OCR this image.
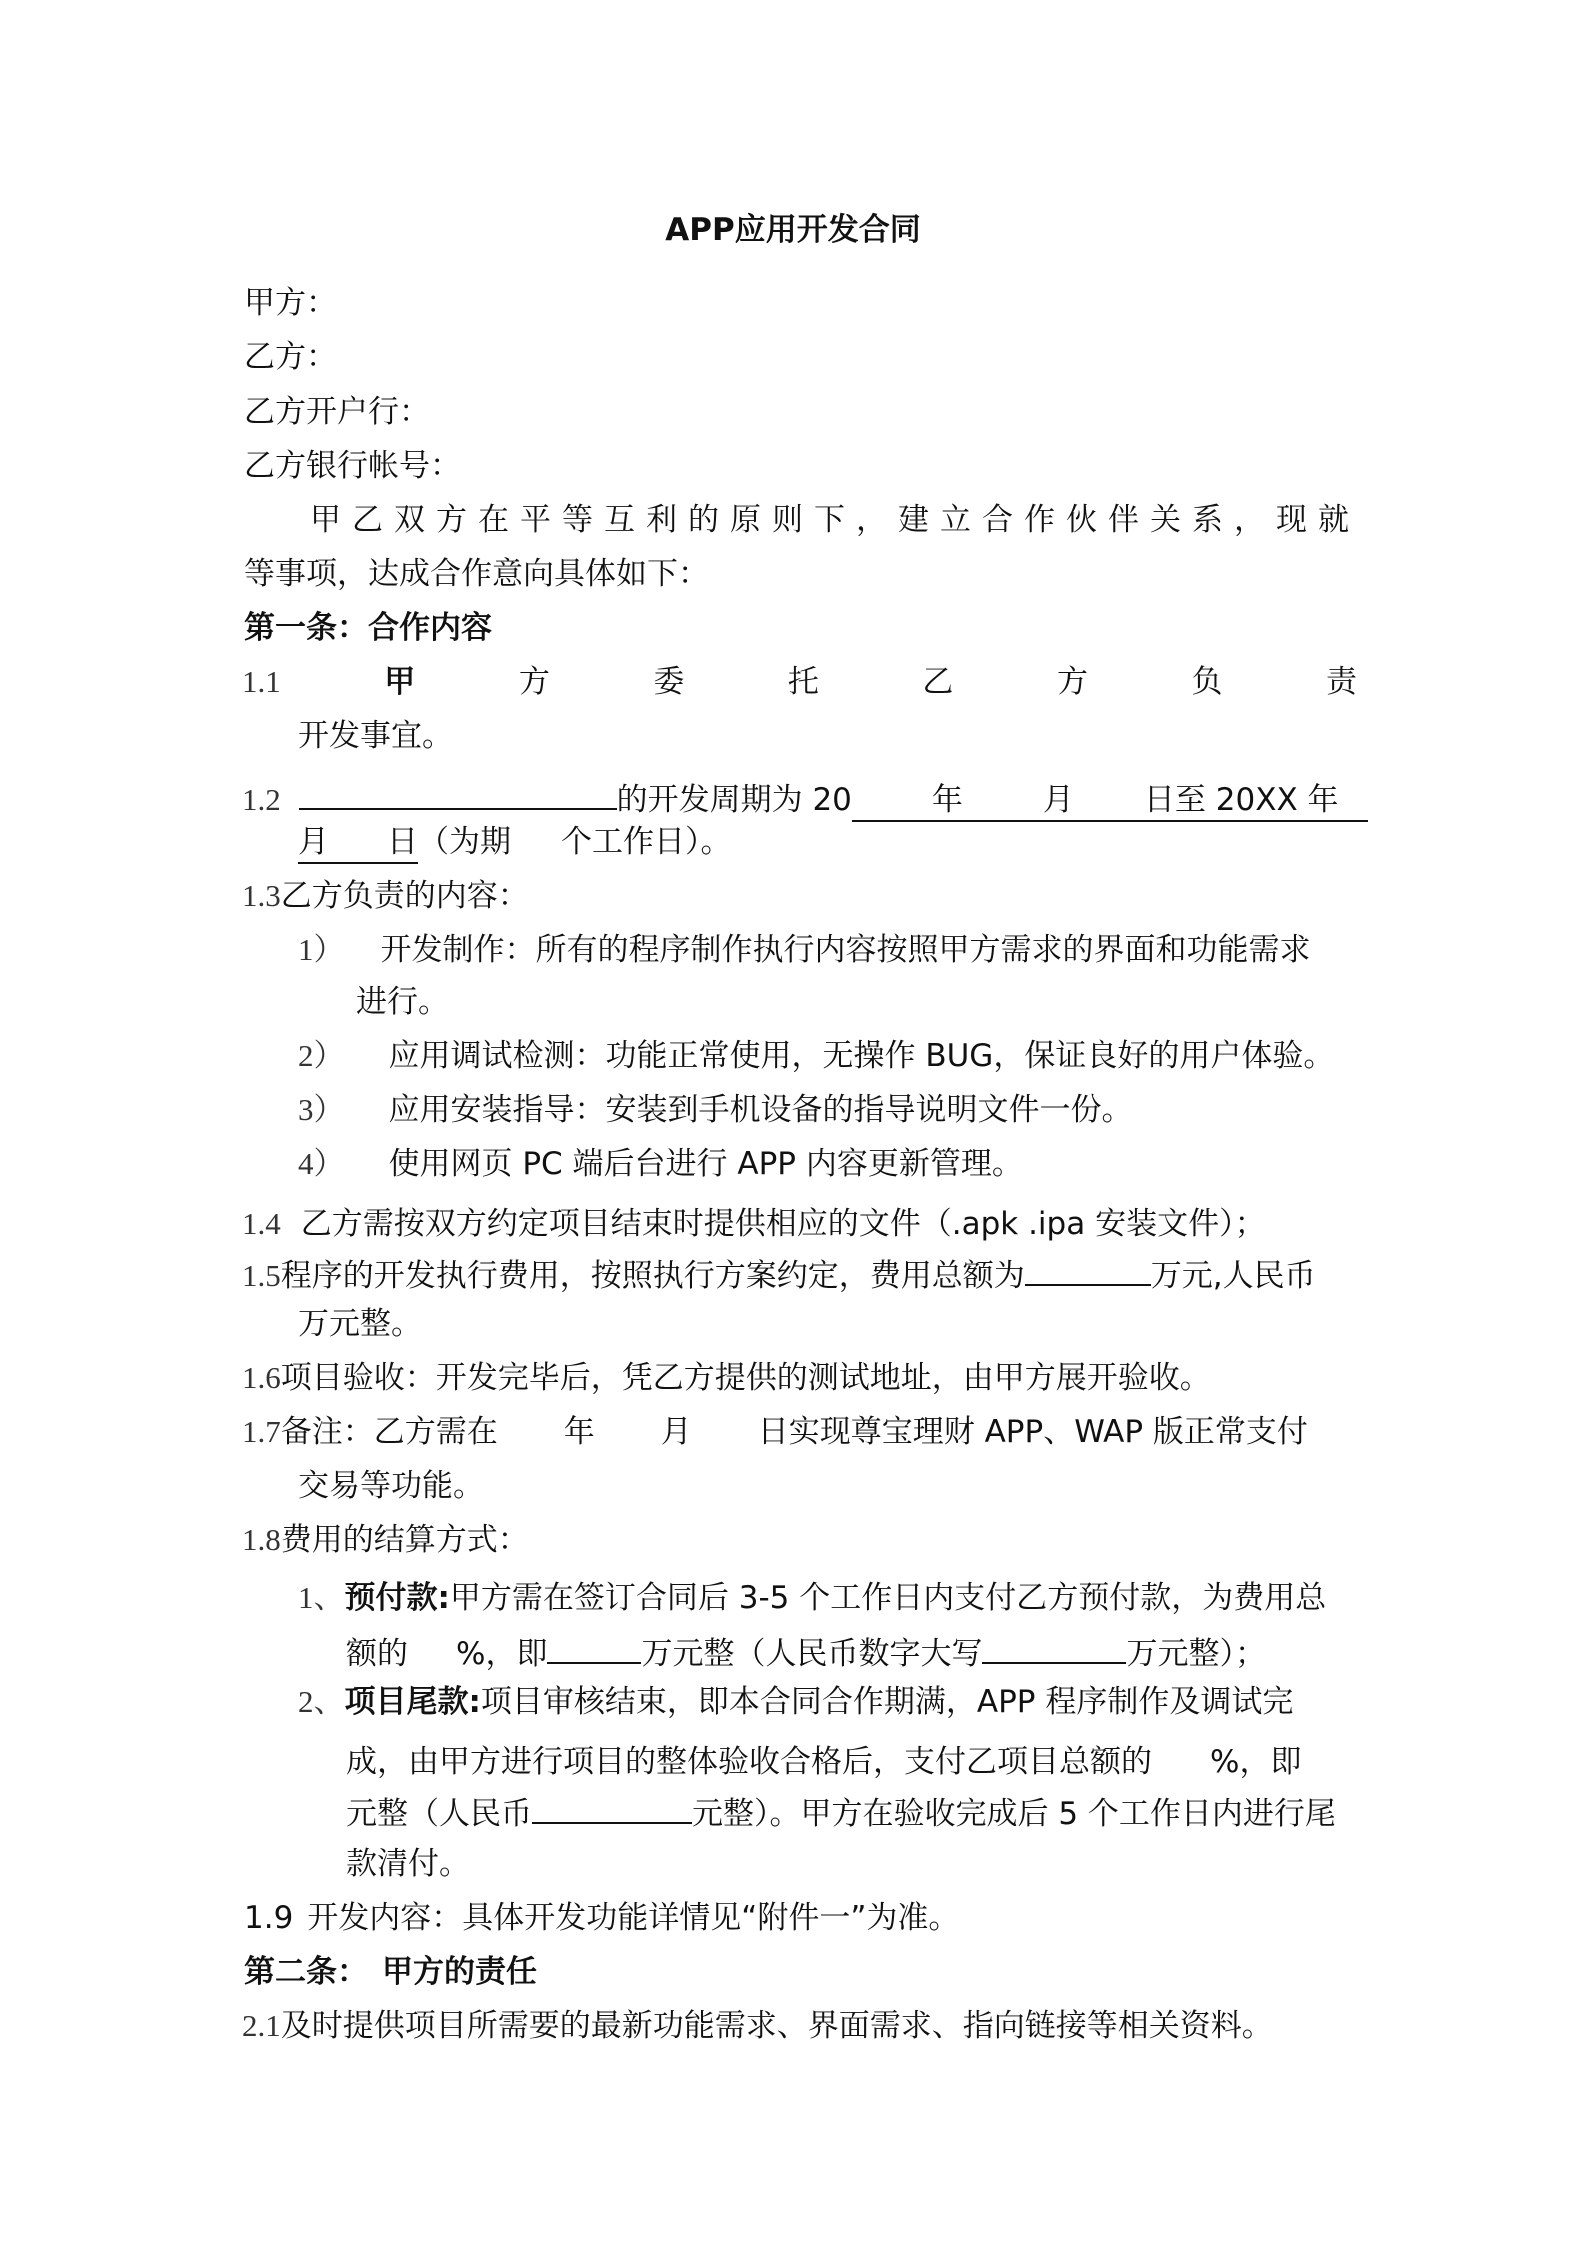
APP应用开发合同
甲方：
乙方：
乙方开户行：
乙方银行帐号：
甲乙双方在平等互利的原则下，建立合作伙伴关系，现就
等事项，达成合作意向具体如下：
第一条：合作内容
1.1	甲	方	委	托	乙	方	负	责
开发事宜。
1.2	的开发周期为 20	年	月 日至 20XX 年
月 日（为期 个工作日）。
1.3乙方负责的内容：
1） 开发制作：所有的程序制作执行内容按照甲方需求的界面和功能需求
进行。
2） 应用调试检测：功能正常使用，无操作 BUG，保证良好的用户体验。
3） 应用安装指导：安装到手机设备的指导说明文件一份。
4） 使用网页 PC 端后台进行 APP 内容更新管理。
1.4 乙方需按双方约定项目结束时提供相应的文件（.apk .ipa 安装文件）；
1.5程序的开发执行费用，按照执行方案约定，费用总额为	万元,人民币
万元整。
1.6项目验收：开发完毕后，凭乙方提供的测试地址，由甲方展开验收。
1.7备注：乙方需在 年 月 日实现尊宝理财 APP、WAP 版正常支付
交易等功能。
1.8费用的结算方式：
1、预付款:甲方需在签订合同后 3-5 个工作日内支付乙方预付款，为费用总
额的 %，即	万元整（人民币数字大写	万元整）；
2、项目尾款:项目审核结束，即本合同合作期满，APP 程序制作及调试完
成，由甲方进行项目的整体验收合格后，支付乙项目总额的 %，即
元整（人民币	元整）。甲方在验收完成后 5 个工作日内进行尾
款清付。
1.9 开发内容：具体开发功能详情见“附件一”为准。
第二条： 甲方的责任
2.1及时提供项目所需要的最新功能需求、界面需求、指向链接等相关资料。
